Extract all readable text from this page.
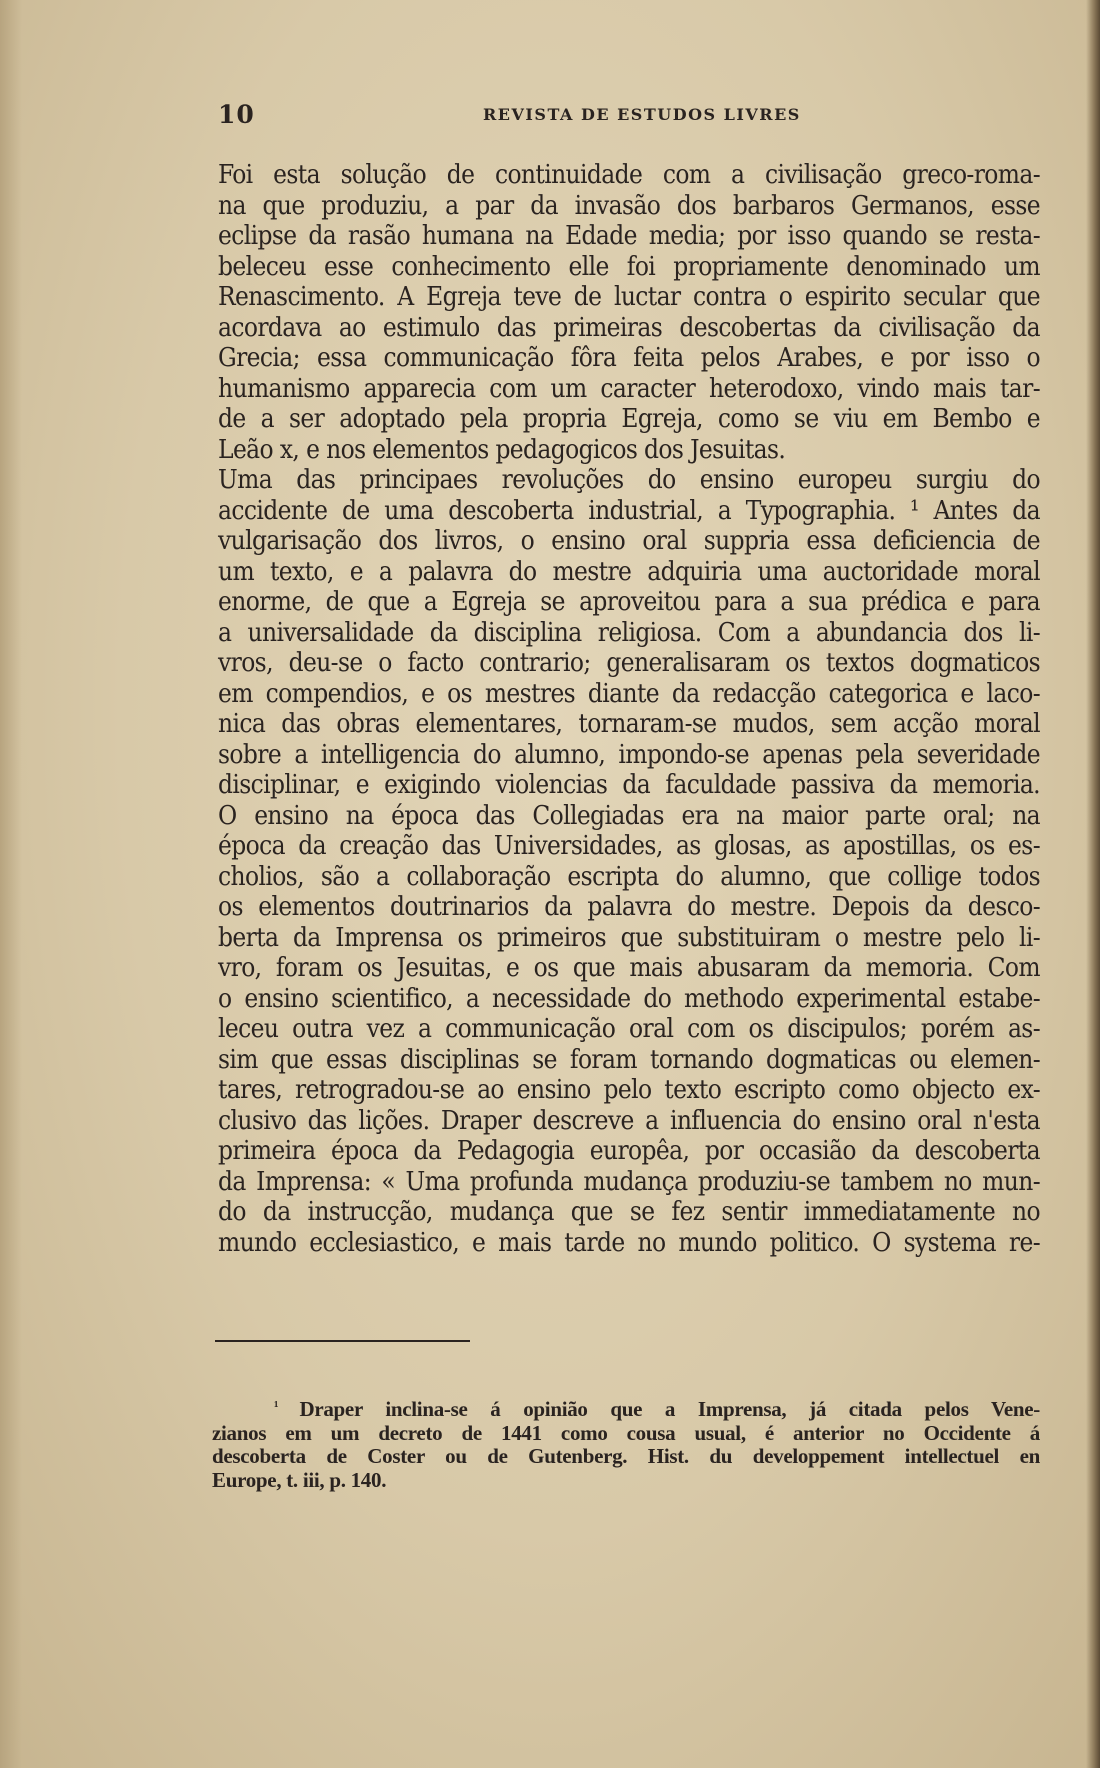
10	REVISTA DE ESTUDOS LIVRES
Foi esta solução de continuidade com a civilisação greco-roma-
na que produziu, a par da invasão dos barbaros Germanos, esse
eclipse da rasão humana na Edade media; por isso quando se resta-
beleceu esse conhecimento elle foi propriamente denominado um
Renascimento. A Egreja teve de luctar contra o espirito secular que
acordava ao estimulo das primeiras descobertas da civilisação da
Grecia; essa communicação fôra feita pelos Arabes, e por isso o
humanismo apparecia com um caracter heterodoxo, vindo mais tar-
de a ser adoptado pela propria Egreja, como se viu em Bembo e
Leão x, e nos elementos pedagogicos dos Jesuitas.
Uma das principaes revoluções do ensino europeu surgiu do
accidente de uma descoberta industrial, a Typographia. ¹ Antes da
vulgarisação dos livros, o ensino oral suppria essa deficiencia de
um texto, e a palavra do mestre adquiria uma auctoridade moral
enorme, de que a Egreja se aproveitou para a sua prédica e para
a universalidade da disciplina religiosa. Com a abundancia dos li-
vros, deu-se o facto contrario; generalisaram os textos dogmaticos
em compendios, e os mestres diante da redacção categorica e laco-
nica das obras elementares, tornaram-se mudos, sem acção moral
sobre a intelligencia do alumno, impondo-se apenas pela severidade
disciplinar, e exigindo violencias da faculdade passiva da memoria.
O ensino na época das Collegiadas era na maior parte oral; na
época da creação das Universidades, as glosas, as apostillas, os es-
cholios, são a collaboração escripta do alumno, que collige todos
os elementos doutrinarios da palavra do mestre. Depois da desco-
berta da Imprensa os primeiros que substituiram o mestre pelo li-
vro, foram os Jesuitas, e os que mais abusaram da memoria. Com
o ensino scientifico, a necessidade do methodo experimental estabe-
leceu outra vez a communicação oral com os discipulos; porém as-
sim que essas disciplinas se foram tornando dogmaticas ou elemen-
tares, retrogradou-se ao ensino pelo texto escripto como objecto ex-
clusivo das lições. Draper descreve a influencia do ensino oral n'esta
primeira época da Pedagogia europêa, por occasião da descoberta
da Imprensa: « Uma profunda mudança produziu-se tambem no mun-
do da instrucção, mudança que se fez sentir immediatamente no
mundo ecclesiastico, e mais tarde no mundo politico. O systema re-
$^{^1}$ Draper inclina-se á opinião que a Imprensa, já citada pelos Vene-
zianos em um decreto de 1441 como cousa usual, é anterior no Occidente á
descoberta de Coster ou de Gutenberg. Hist. du developpement intellectuel en
Europe, t. iii, p. 140.
